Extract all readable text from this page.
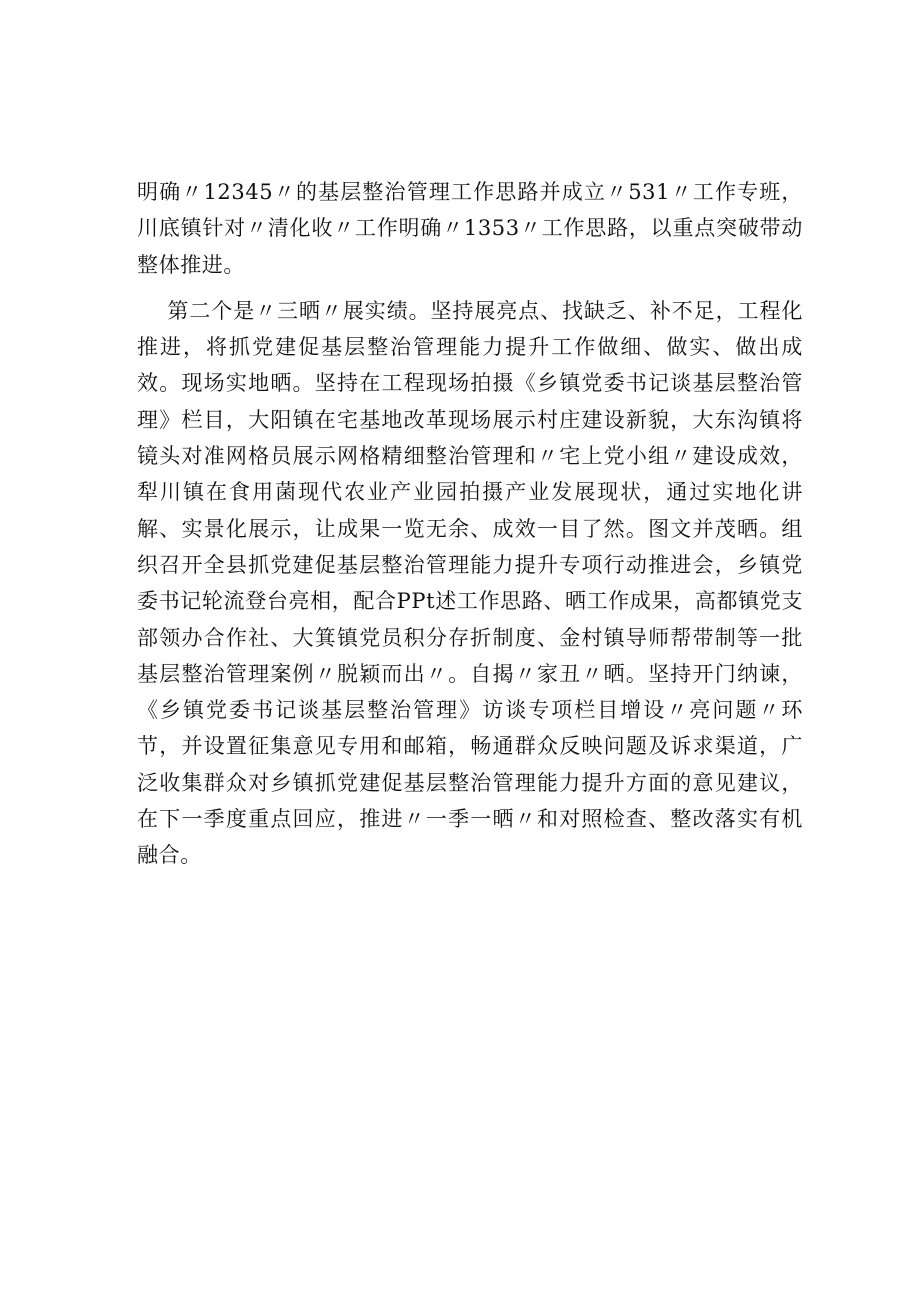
明确〃12345〃的基层整治管理工作思路并成立〃531〃工作专班，川底镇针对〃清化收〃工作明确〃1353〃工作思路，以重点突破带动整体推进。

第二个是〃三晒〃展实绩。坚持展亮点、找缺乏、补不足，工程化推进，将抓党建促基层整治管理能力提升工作做细、做实、做出成效。现场实地晒。坚持在工程现场拍摄《乡镇党委书记谈基层整治管理》栏目，大阳镇在宅基地改革现场展示村庄建设新貌，大东沟镇将镜头对准网格员展示网格精细整治管理和〃宅上党小组〃建设成效，犁川镇在食用菌现代农业产业园拍摄产业发展现状，通过实地化讲解、实景化展示，让成果一览无余、成效一目了然。图文并茂晒。组织召开全县抓党建促基层整治管理能力提升专项行动推进会，乡镇党委书记轮流登台亮相，配合PPt述工作思路、晒工作成果，高都镇党支部领办合作社、大箕镇党员积分存折制度、金村镇导师帮带制等一批基层整治管理案例〃脱颖而出〃。自揭〃家丑〃晒。坚持开门纳谏，《乡镇党委书记谈基层整治管理》访谈专项栏目增设〃亮问题〃环节，并设置征集意见专用和邮箱，畅通群众反映问题及诉求渠道，广泛收集群众对乡镇抓党建促基层整治管理能力提升方面的意见建议，在下一季度重点回应，推进〃一季一晒〃和对照检查、整改落实有机融合。
